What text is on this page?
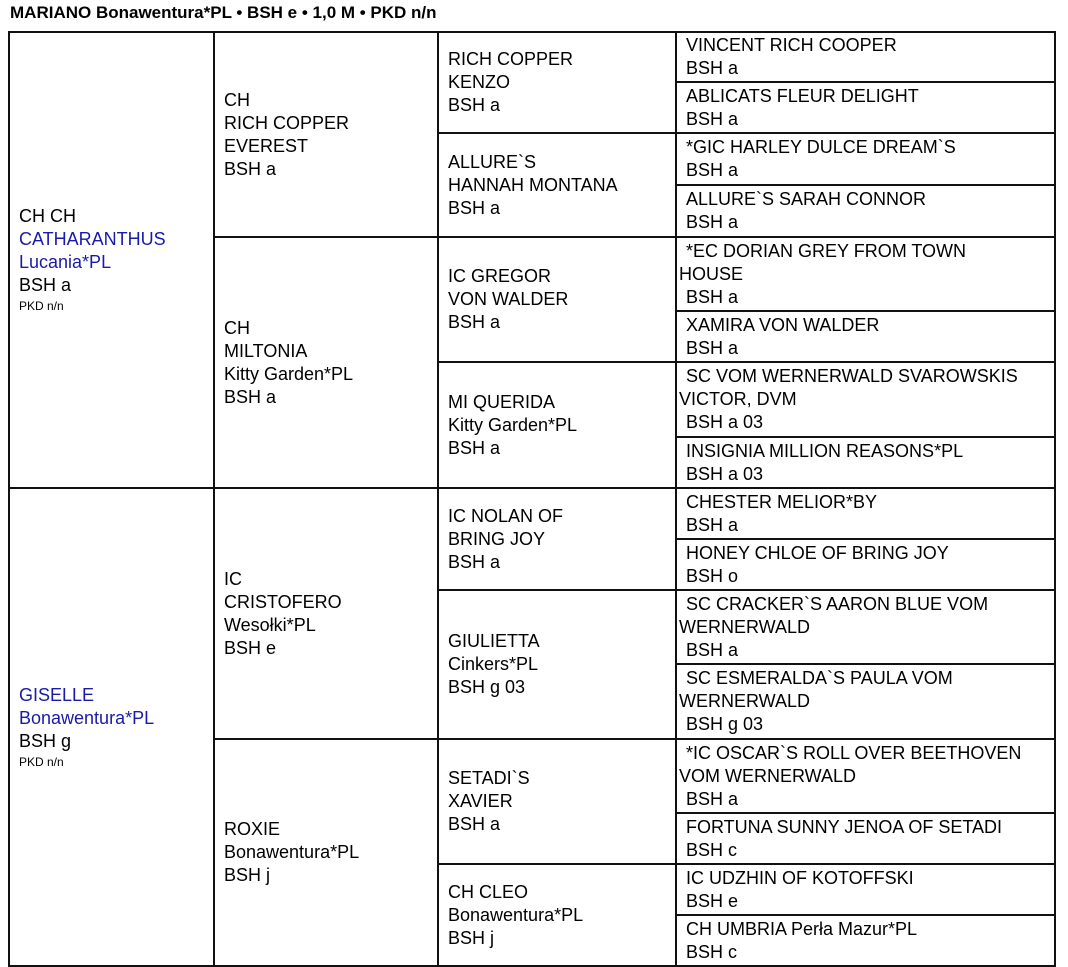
MARIANO Bonawentura*PL • BSH e • 1,0 M • PKD n/n
CH CH
CATHARANTHUS
Lucania*PL
BSH a
PKD n/n
GISELLE
Bonawentura*PL
BSH g
PKD n/n
CH
RICH COPPER
EVEREST
BSH a
CH
MILTONIA
Kitty Garden*PL
BSH a
IC
CRISTOFERO
Wesołki*PL
BSH e
ROXIE
Bonawentura*PL
BSH j
RICH COPPER
KENZO
BSH a
ALLURE`S
HANNAH MONTANA
BSH a
IC GREGOR
VON WALDER
BSH a
MI QUERIDA
Kitty Garden*PL
BSH a
IC NOLAN OF
BRING JOY
BSH a
GIULIETTA
Cinkers*PL
BSH g 03
SETADI`S
XAVIER
BSH a
CH CLEO
Bonawentura*PL
BSH j
VINCENT RICH COOPER
BSH a
ABLICATS FLEUR DELIGHT
BSH a
*GIC HARLEY DULCE DREAM`S
BSH a
ALLURE`S SARAH CONNOR
BSH a
*EC DORIAN GREY FROM TOWN
HOUSE
BSH a
XAMIRA VON WALDER
BSH a
SC VOM WERNERWALD SVAROWSKIS
VICTOR, DVM
BSH a 03
INSIGNIA MILLION REASONS*PL
BSH a 03
CHESTER MELIOR*BY
BSH a
HONEY CHLOE OF BRING JOY
BSH o
SC CRACKER`S AARON BLUE VOM
WERNERWALD
BSH a
SC ESMERALDA`S PAULA VOM
WERNERWALD
BSH g 03
*IC OSCAR`S ROLL OVER BEETHOVEN
VOM WERNERWALD
BSH a
FORTUNA SUNNY JENOA OF SETADI
BSH c
IC UDZHIN OF KOTOFFSKI
BSH e
CH UMBRIA Perła Mazur*PL
BSH c
